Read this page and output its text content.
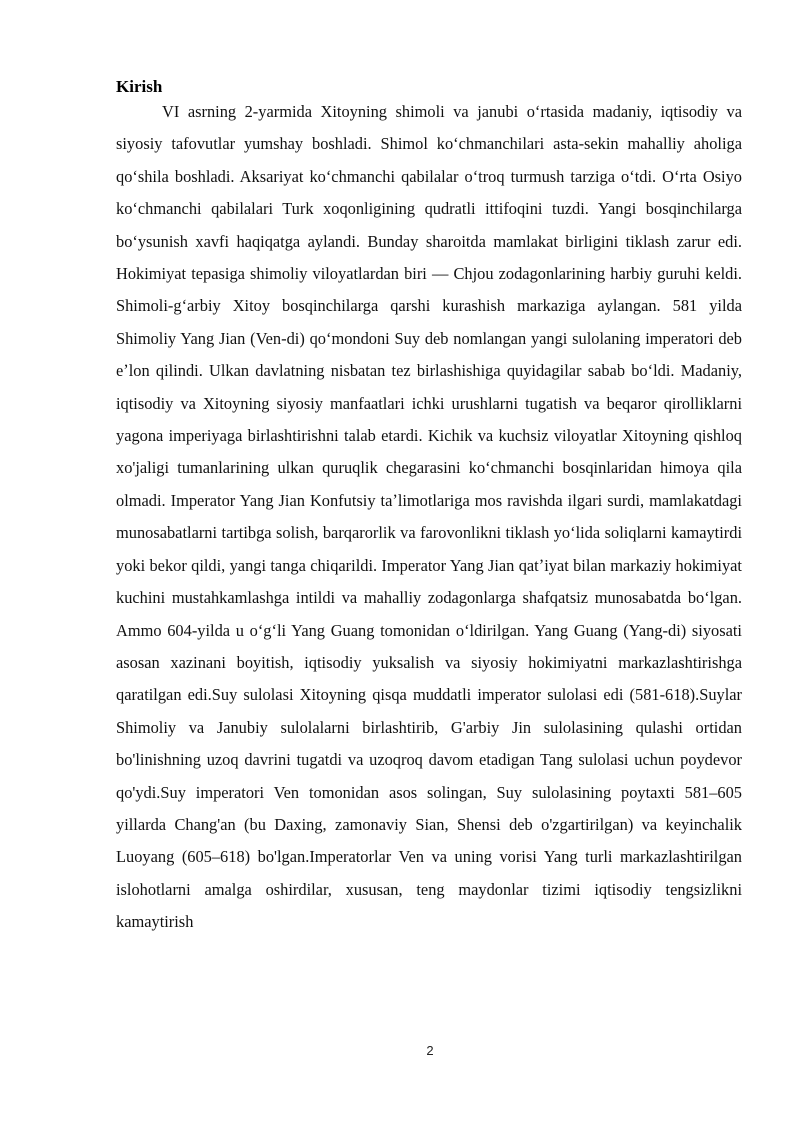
Kirish

VI asrning 2-yarmida Xitoyning shimoli va janubi oʻrtasida madaniy, iqtisodiy va siyosiy tafovutlar yumshay boshladi. Shimol koʻchmanchilari asta-sekin mahalliy aholiga qoʻshila boshladi. Aksariyat koʻchmanchi qabilalar oʻtroq turmush tarziga oʻtdi. Oʻrta Osiyo koʻchmanchi qabilalari Turk xoqonligining qudratli ittifoqini tuzdi. Yangi bosqinchilarga boʻysunish xavfi haqiqatga aylandi. Bunday sharoitda mamlakat birligini tiklash zarur edi. Hokimiyat tepasiga shimoliy viloyatlardan biri — Chjou zodagonlarining harbiy guruhi keldi. Shimoli-gʻarbiy Xitoy bosqinchilarga qarshi kurashish markaziga aylangan. 581 yilda Shimoliy Yang Jian (Ven-di) qoʻmondoni Suy deb nomlangan yangi sulolaning imperatori deb eʼlon qilindi. Ulkan davlatning nisbatan tez birlashishiga quyidagilar sabab boʻldi. Madaniy, iqtisodiy va Xitoyning siyosiy manfaatlari ichki urushlarni tugatish va beqaror qirolliklarni yagona imperiyaga birlashtirishni talab etardi. Kichik va kuchsiz viloyatlar Xitoyning qishloq xo'jaligi tumanlarining ulkan quruqlik chegarasini koʻchmanchi bosqinlaridan himoya qila olmadi. Imperator Yang Jian Konfutsiy taʼlimotlariga mos ravishda ilgari surdi, mamlakatdagi munosabatlarni tartibga solish, barqarorlik va farovonlikni tiklash yoʻlida soliqlarni kamaytirdi yoki bekor qildi, yangi tanga chiqarildi. Imperator Yang Jian qatʼiyat bilan markaziy hokimiyat kuchini mustahkamlashga intildi va mahalliy zodagonlarga shafqatsiz munosabatda boʻlgan. Ammo 604-yilda u oʻgʻli Yang Guang tomonidan oʻldirilgan. Yang Guang (Yang-di) siyosati asosan xazinani boyitish, iqtisodiy yuksalish va siyosiy hokimiyatni markazlashtirishga qaratilgan edi.Suy sulolasi Xitoyning qisqa muddatli imperator sulolasi edi (581-618).Suylar Shimoliy va Janubiy sulolalarni birlashtirib, G'arbiy Jin sulolasining qulashi ortidan bo'linishning uzoq davrini tugatdi va uzoqroq davom etadigan Tang sulolasi uchun poydevor qo'ydi.Suy imperatori Ven tomonidan asos solingan, Suy sulolasining poytaxti 581–605 yillarda Chang'an (bu Daxing, zamonaviy Sian, Shensi deb o'zgartirilgan) va keyinchalik Luoyang (605–618) bo'lgan.Imperatorlar Ven va uning vorisi Yang turli markazlashtirilgan islohotlarni amalga oshirdilar, xususan, teng maydonlar tizimi iqtisodiy tengsizlikni kamaytirish

2
